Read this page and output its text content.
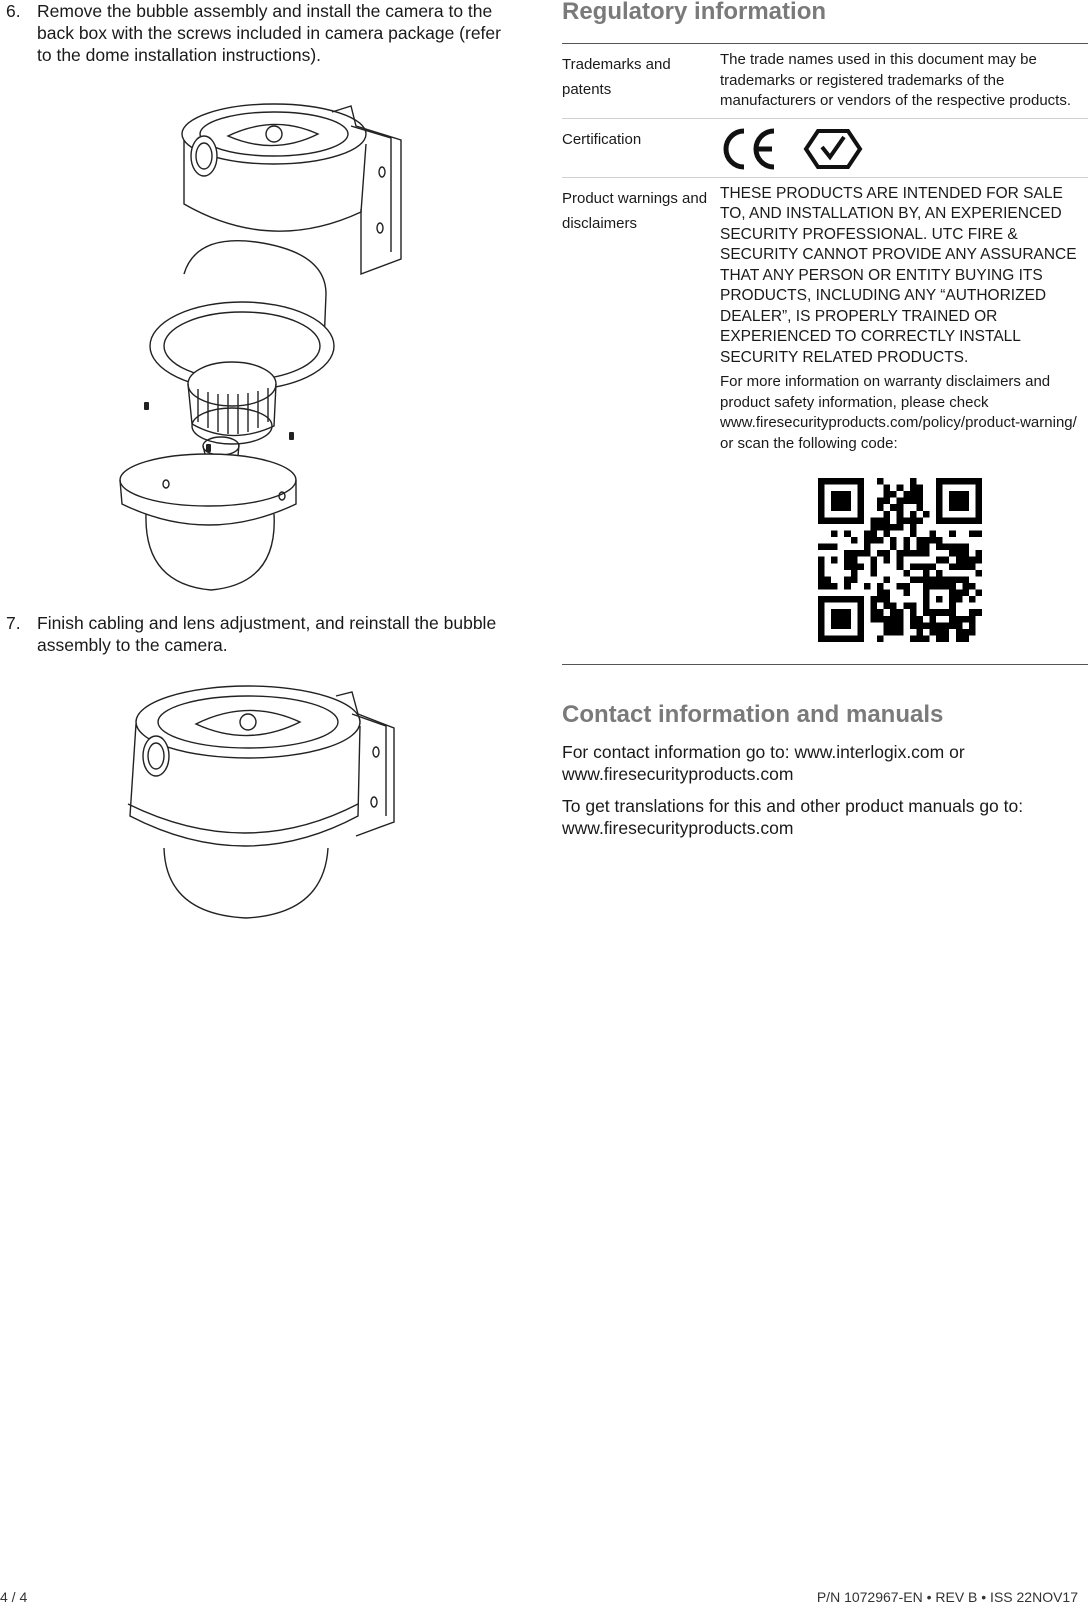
6. Remove the bubble assembly and install the camera to the back box with the screws included in camera package (refer to the dome installation instructions).
7. Finish cabling and lens adjustment, and reinstall the bubble assembly to the camera.
Regulatory information
Trademarks and patents	The trade names used in this document may be trademarks or registered trademarks of the manufacturers or vendors of the respective products.
Certification	
Product warnings and disclaimers	THESE PRODUCTS ARE INTENDED FOR SALE TO, AND INSTALLATION BY, AN EXPERIENCED SECURITY PROFESSIONAL. UTC FIRE & SECURITY CANNOT PROVIDE ANY ASSURANCE THAT ANY PERSON OR ENTITY BUYING ITS PRODUCTS, INCLUDING ANY “AUTHORIZED DEALER”, IS PROPERLY TRAINED OR EXPERIENCED TO CORRECTLY INSTALL SECURITY RELATED PRODUCTS.
For more information on warranty disclaimers and product safety information, please check www.firesecurityproducts.com/policy/product-warning/ or scan the following code:
Contact information and manuals

For contact information go to: www.interlogix.com or www.firesecurityproducts.com

To get translations for this and other product manuals go to: www.firesecurityproducts.com

4 / 4	P/N 1072967-EN • REV B • ISS 22NOV17
